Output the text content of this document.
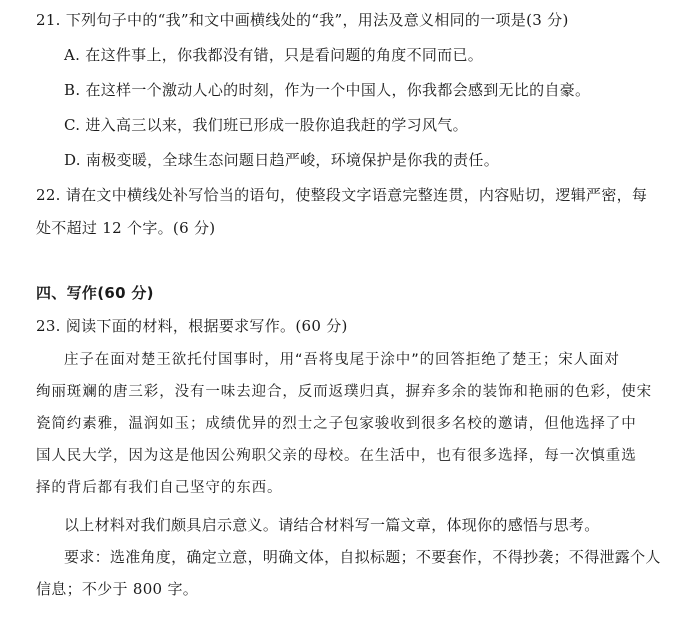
21. 下列句子中的“我”和文中画横线处的“我”，用法及意义相同的一项是(3 分)
A. 在这件事上，你我都没有错，只是看问题的角度不同而已。
B. 在这样一个激动人心的时刻，作为一个中国人，你我都会感到无比的自豪。
C. 进入高三以来，我们班已形成一股你追我赶的学习风气。
D. 南极变暖，全球生态问题日趋严峻，环境保护是你我的责任。
22. 请在文中横线处补写恰当的语句，使整段文字语意完整连贯，内容贴切，逻辑严密，每
处不超过 12 个字。(6 分)
四、写作(60 分)
23. 阅读下面的材料，根据要求写作。(60 分)
庄子在面对楚王欲托付国事时，用“吾将曳尾于涂中”的回答拒绝了楚王；宋人面对
绚丽斑斓的唐三彩，没有一味去迎合，反而返璞归真，摒弃多余的装饰和艳丽的色彩，使宋
瓷简约素雅，温润如玉；成绩优异的烈士之子包家骏收到很多名校的邀请，但他选择了中
国人民大学，因为这是他因公殉职父亲的母校。在生活中，也有很多选择，每一次慎重选
择的背后都有我们自己坚守的东西。
以上材料对我们颇具启示意义。请结合材料写一篇文章，体现你的感悟与思考。
要求：选准角度，确定立意，明确文体，自拟标题；不要套作，不得抄袭；不得泄露个人
信息；不少于 800 字。
